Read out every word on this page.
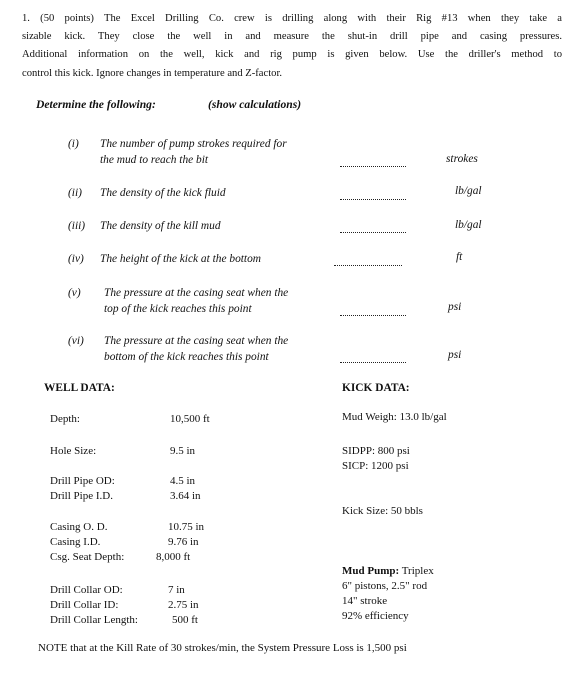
1. (50 points) The Excel Drilling Co. crew is drilling along with their Rig #13 when they take a
sizable kick. They close the well in and measure the shut-in drill pipe and casing pressures.
Additional information on the well, kick and rig pump is given below. Use the driller's method to
control this kick. Ignore changes in temperature and Z-factor.
Determine the following:	(show calculations)
(i) The number of pump strokes required for
the mud to reach the bit	strokes
(ii) The density of the kick fluid	lb/gal
(iii) The density of the kill mud	lb/gal
(iv) The height of the kick at the bottom	ft
(v) The pressure at the casing seat when the
top of the kick reaches this point	psi
(vi) The pressure at the casing seat when the
bottom of the kick reaches this point	psi
WELL DATA:
Depth:	10,500 ft
Hole Size:	9.5 in
Drill Pipe OD:	4.5 in
Drill Pipe I.D.	3.64 in
Casing O. D.	10.75 in
Casing I.D.	9.76 in
Csg. Seat Depth:	8,000 ft
Drill Collar OD:	7 in
Drill Collar ID:	2.75 in
Drill Collar Length:	500 ft
KICK DATA:
Mud Weigh: 13.0 lb/gal
SIDPP: 800 psi
SICP: 1200 psi
Kick Size: 50 bbls
Mud Pump: Triplex
6" pistons, 2.5" rod
14" stroke
92% efficiency
NOTE that at the Kill Rate of 30 strokes/min, the System Pressure Loss is 1,500 psi
